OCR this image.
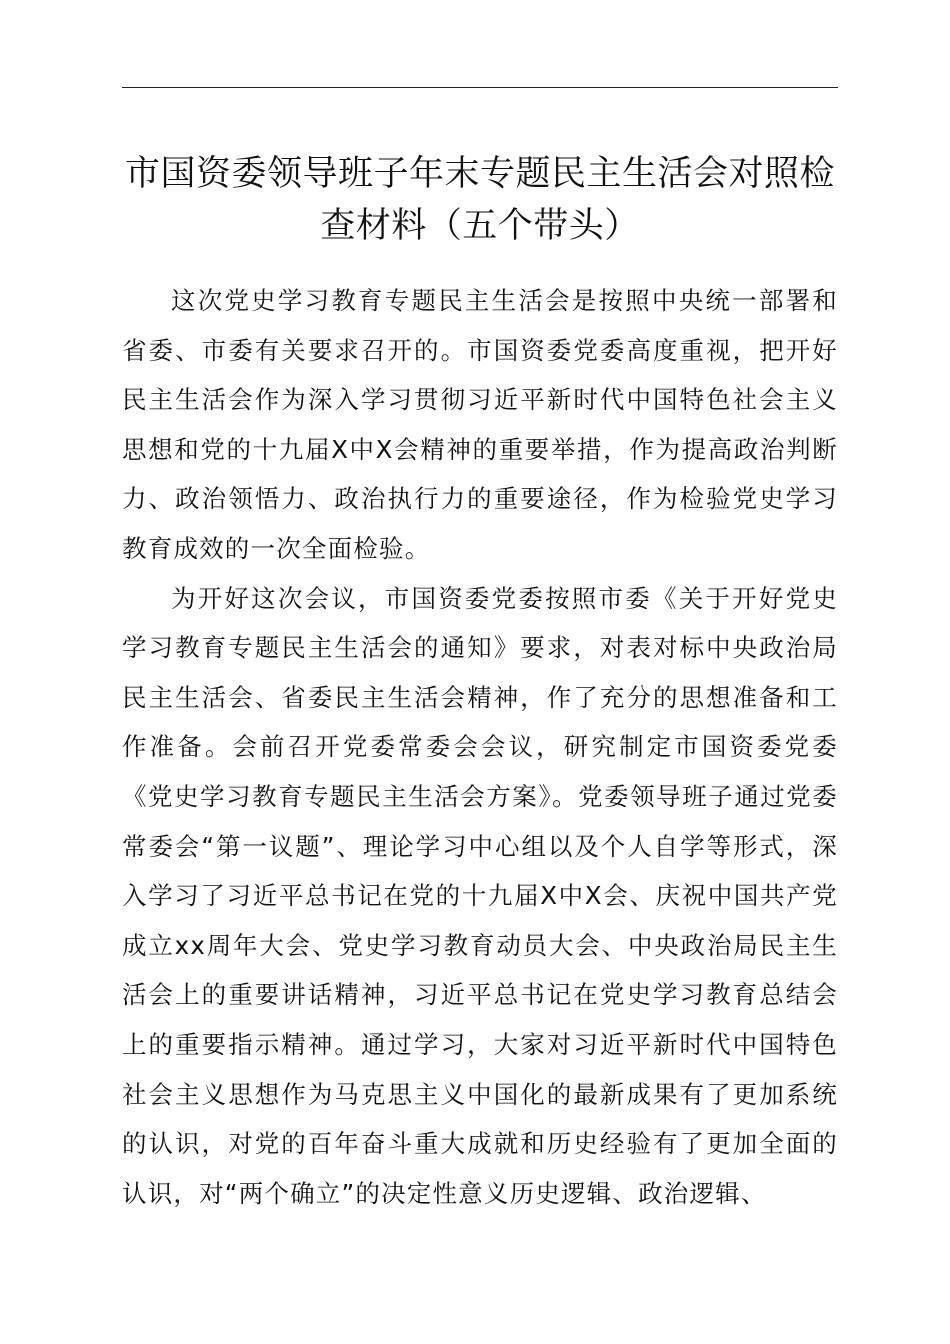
市国资委领导班子年末专题民主生活会对照检查材料（五个带头）

这次党史学习教育专题民主生活会是按照中央统一部署和省委、市委有关要求召开的。市国资委党委高度重视，把开好民主生活会作为深入学习贯彻习近平新时代中国特色社会主义思想和党的十九届X中X会精神的重要举措，作为提高政治判断力、政治领悟力、政治执行力的重要途径，作为检验党史学习教育成效的一次全面检验。

为开好这次会议，市国资委党委按照市委《关于开好党史学习教育专题民主生活会的通知》要求，对表对标中央政治局民主生活会、省委民主生活会精神，作了充分的思想准备和工作准备。会前召开党委常委会会议，研究制定市国资委党委《党史学习教育专题民主生活会方案》。党委领导班子通过党委常委会“第一议题”、理论学习中心组以及个人自学等形式，深入学习了习近平总书记在党的十九届X中X会、庆祝中国共产党成立xx周年大会、党史学习教育动员大会、中央政治局民主生活会上的重要讲话精神，习近平总书记在党史学习教育总结会上的重要指示精神。通过学习，大家对习近平新时代中国特色社会主义思想作为马克思主义中国化的最新成果有了更加系统的认识，对党的百年奋斗重大成就和历史经验有了更加全面的认识，对“两个确立”的决定性意义历史逻辑、政治逻辑、
